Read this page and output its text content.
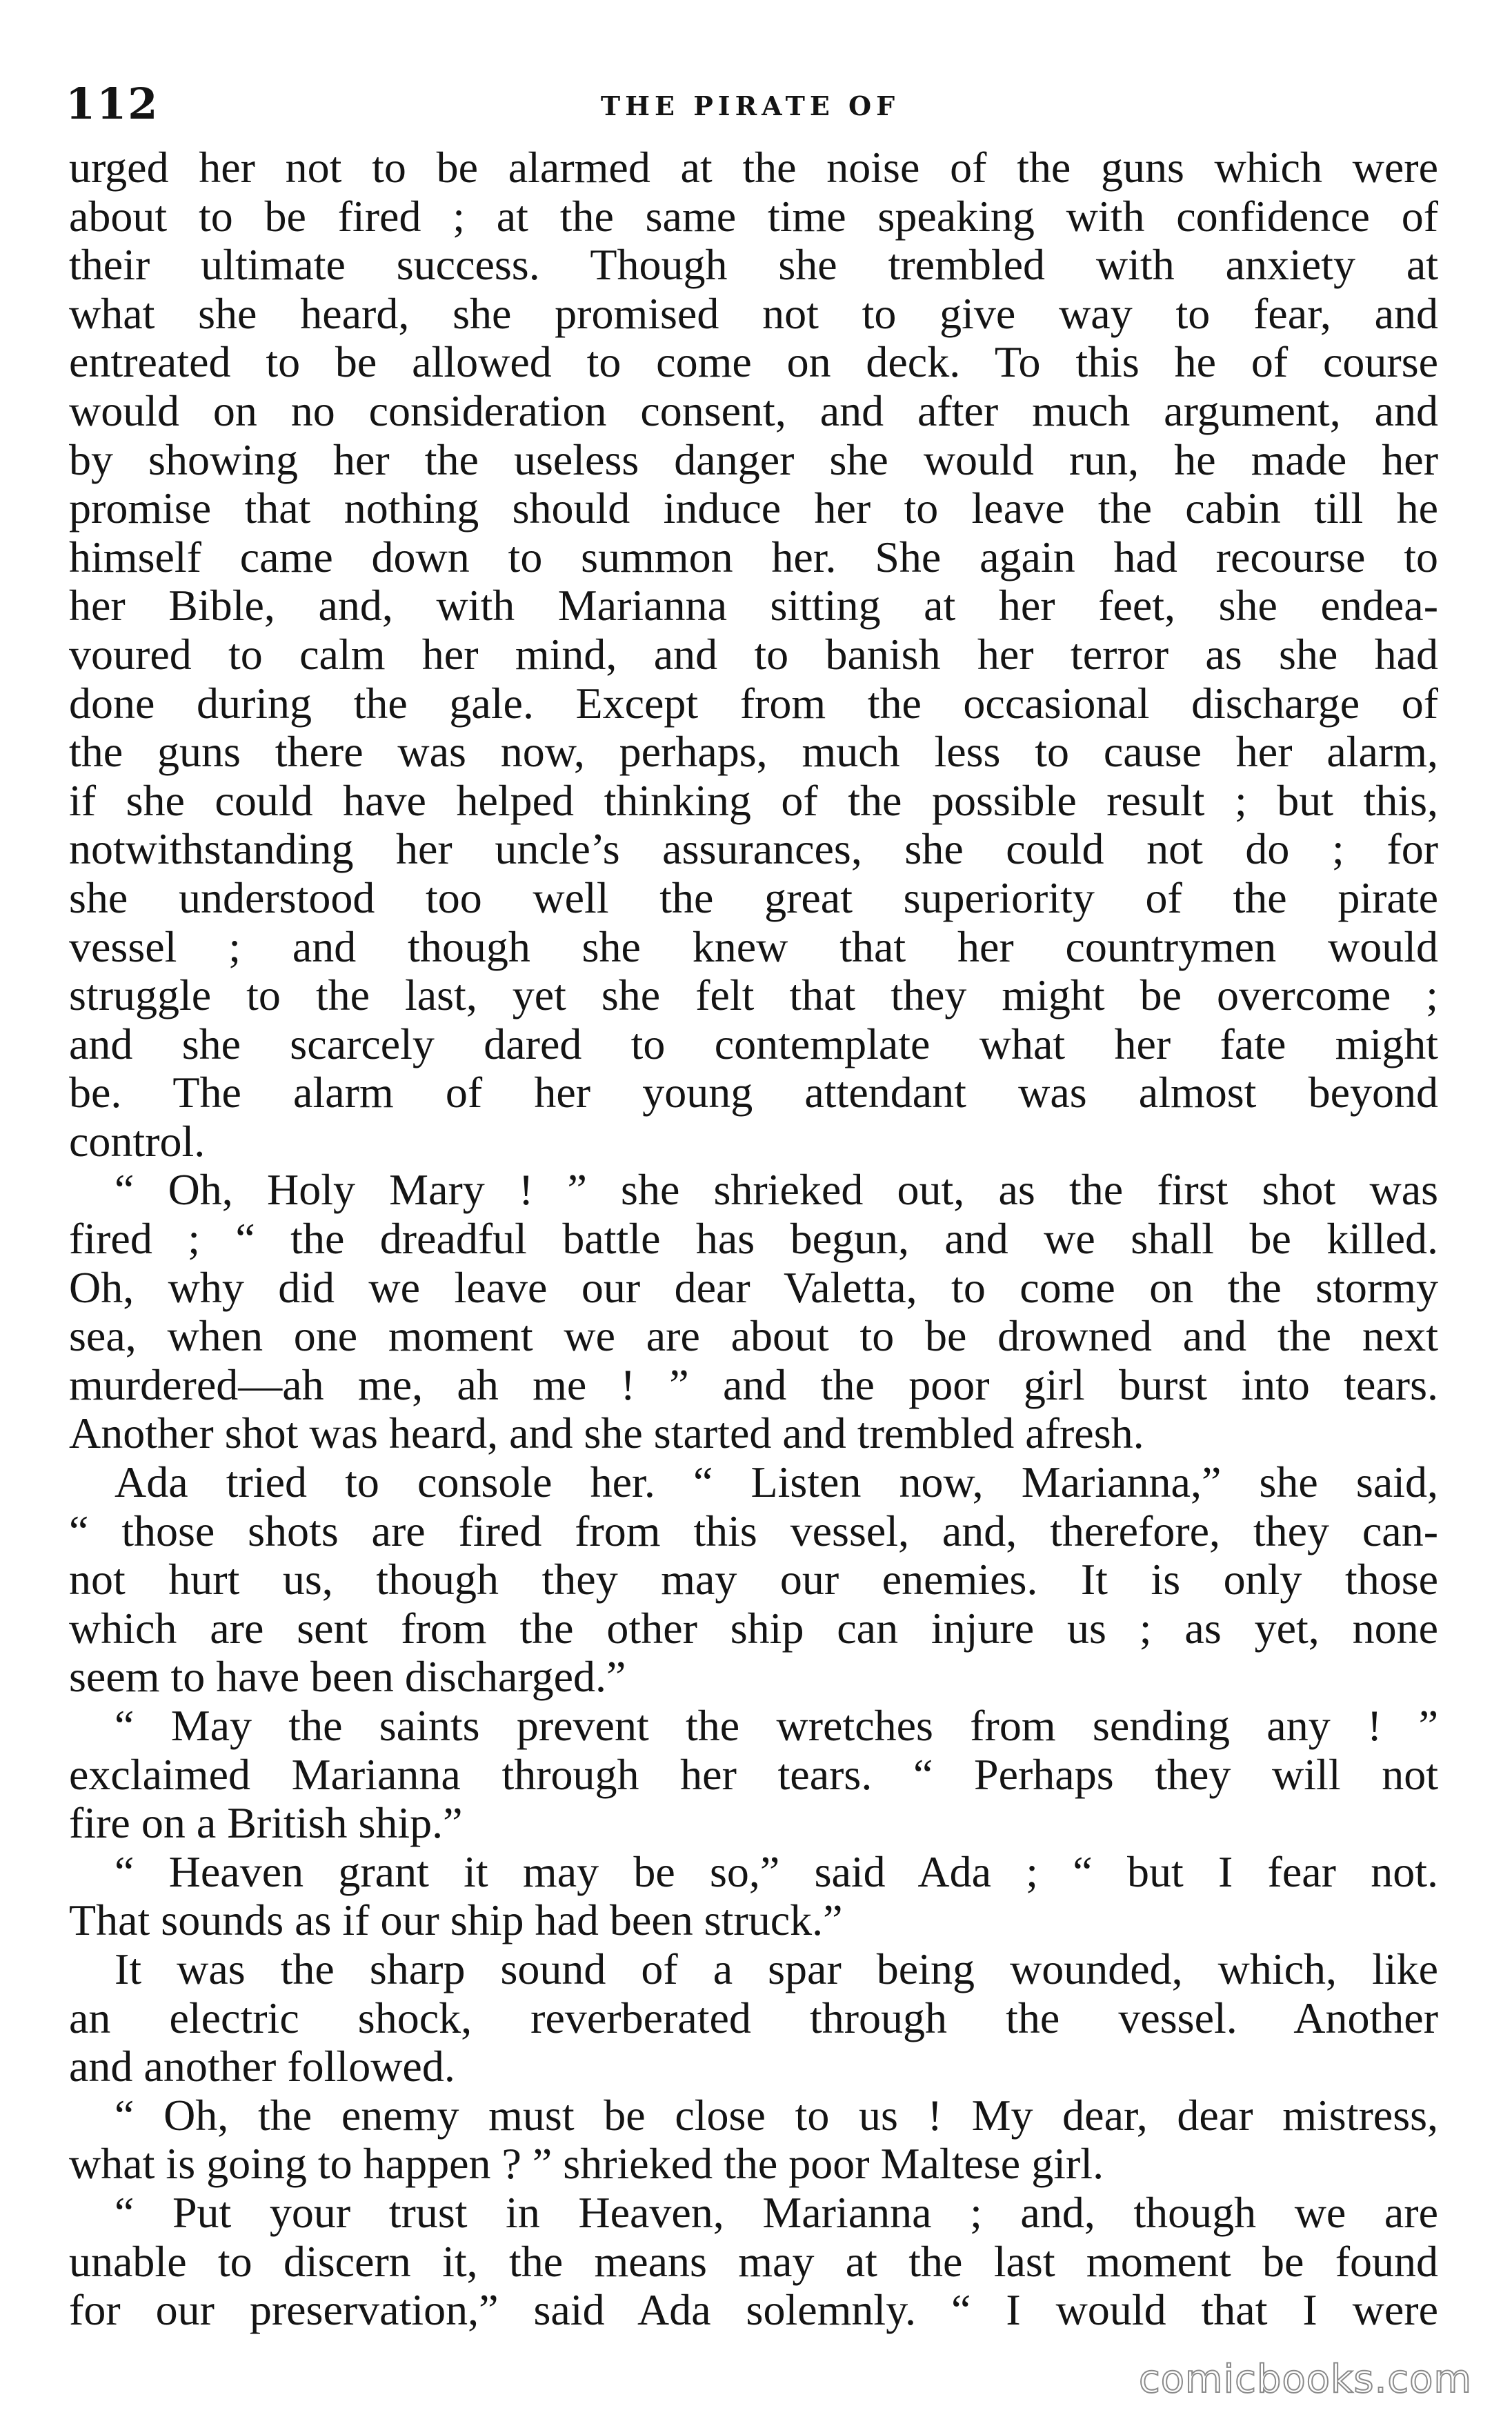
112	THE PIRATE OF
urged her not to be alarmed at the noise of the guns which were
about to be fired ; at the same time speaking with confidence of
their ultimate success. Though she trembled with anxiety at
what she heard, she promised not to give way to fear, and
entreated to be allowed to come on deck. To this he of course
would on no consideration consent, and after much argument, and
by showing her the useless danger she would run, he made her
promise that nothing should induce her to leave the cabin till he
himself came down to summon her. She again had recourse to
her Bible, and, with Marianna sitting at her feet, she endea-
voured to calm her mind, and to banish her terror as she had
done during the gale. Except from the occasional discharge of
the guns there was now, perhaps, much less to cause her alarm,
if she could have helped thinking of the possible result ; but this,
notwithstanding her uncle’s assurances, she could not do ; for
she understood too well the great superiority of the pirate
vessel ; and though she knew that her countrymen would
struggle to the last, yet she felt that they might be overcome ;
and she scarcely dared to contemplate what her fate might
be. The alarm of her young attendant was almost beyond
control.
“ Oh, Holy Mary ! ” she shrieked out, as the first shot was
fired ; “ the dreadful battle has begun, and we shall be killed.
Oh, why did we leave our dear Valetta, to come on the stormy
sea, when one moment we are about to be drowned and the next
murdered—ah me, ah me ! ” and the poor girl burst into tears.
Another shot was heard, and she started and trembled afresh.
Ada tried to console her. “ Listen now, Marianna,” she said,
“ those shots are fired from this vessel, and, therefore, they can-
not hurt us, though they may our enemies. It is only those
which are sent from the other ship can injure us ; as yet, none
seem to have been discharged.”
“ May the saints prevent the wretches from sending any ! ”
exclaimed Marianna through her tears. “ Perhaps they will not
fire on a British ship.”
“ Heaven grant it may be so,” said Ada ; “ but I fear not.
That sounds as if our ship had been struck.”
It was the sharp sound of a spar being wounded, which, like
an electric shock, reverberated through the vessel. Another
and another followed.
“ Oh, the enemy must be close to us ! My dear, dear mistress,
what is going to happen ? ” shrieked the poor Maltese girl.
“ Put your trust in Heaven, Marianna ; and, though we are
unable to discern it, the means may at the last moment be found
for our preservation,” said Ada solemnly. “ I would that I were
comicbooks.com
